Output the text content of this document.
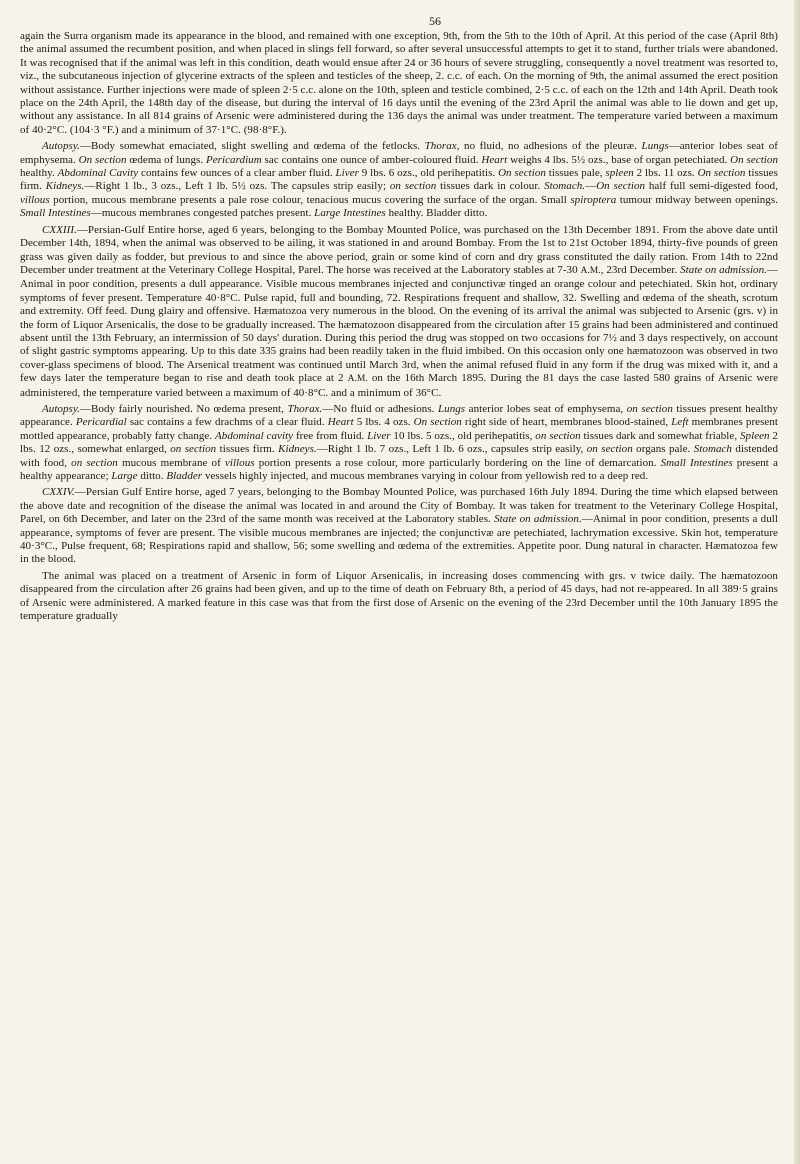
56

again the Surra organism made its appearance in the blood, and remained with one exception, 9th, from the 5th to the 10th of April. At this period of the case (April 8th) the animal assumed the recumbent position, and when placed in slings fell forward, so after several unsuccessful attempts to get it to stand, further trials were abandoned. It was recognised that if the animal was left in this condition, death would ensue after 24 or 36 hours of severe struggling, consequently a novel treatment was resorted to, viz., the subcutaneous injection of glycerine extracts of the spleen and testicles of the sheep, 2. c.c. of each. On the morning of 9th, the animal assumed the erect position without assistance. Further injections were made of spleen 2·5 c.c. alone on the 10th, spleen and testicle combined, 2·5 c.c. of each on the 12th and 14th April. Death took place on the 24th April, the 148th day of the disease, but during the interval of 16 days until the evening of the 23rd April the animal was able to lie down and get up, without any assistance. In all 814 grains of Arsenic were administered during the 136 days the animal was under treatment. The temperature varied between a maximum of 40·2°C. (104·3 °F.) and a minimum of 37·1°C. (98·8°F.).

Autopsy.—Body somewhat emaciated, slight swelling and œdema of the fetlocks. Thorax, no fluid, no adhesions of the pleuræ. Lungs—anterior lobes seat of emphysema. On section œdema of lungs. Pericardium sac contains one ounce of amber-coloured fluid. Heart weighs 4 lbs. 5½ ozs., base of organ petechiated. On section healthy. Abdominal Cavity contains few ounces of a clear amber fluid. Liver 9 lbs. 6 ozs., old perihepatitis. On section tissues pale, spleen 2 lbs. 11 ozs. On section tissues firm. Kidneys.—Right 1 lb., 3 ozs., Left 1 lb. 5½ ozs. The capsules strip easily; on section tissues dark in colour. Stomach.—On section half full semi-digested food, villous portion, mucous membrane presents a pale rose colour, tenacious mucus covering the surface of the organ. Small spiroptera tumour midway between openings. Small Intestines—mucous membranes congested patches present. Large Intestines healthy. Bladder ditto.

CXXIII.—Persian-Gulf Entire horse, aged 6 years, belonging to the Bombay Mounted Police, was purchased on the 13th December 1891. From the above date until December 14th, 1894, when the animal was observed to be ailing, it was stationed in and around Bombay. From the 1st to 21st October 1894, thirty-five pounds of green grass was given daily as fodder, but previous to and since the above period, grain or some kind of corn and dry grass constituted the daily ration. From 14th to 22nd December under treatment at the Veterinary College Hospital, Parel. The horse was received at the Laboratory stables at 7-30 A.M., 23rd December. State on admission.—Animal in poor condition, presents a dull appearance. Visible mucous membranes injected and conjunctivæ tinged an orange colour and petechiated. Skin hot, ordinary symptoms of fever present. Temperature 40·8°C. Pulse rapid, full and bounding, 72. Respirations frequent and shallow, 32. Swelling and œdema of the sheath, scrotum and extremity. Off feed. Dung glairy and offensive. Hæmatozoa very numerous in the blood. On the evening of its arrival the animal was subjected to Arsenic (grs. v) in the form of Liquor Arsenicalis, the dose to be gradually increased. The hæmatozoon disappeared from the circulation after 15 grains had been administered and continued absent until the 13th February, an intermission of 50 days' duration. During this period the drug was stopped on two occasions for 7½ and 3 days respectively, on account of slight gastric symptoms appearing. Up to this date 335 grains had been readily taken in the fluid imbibed. On this occasion only one hæmatozoon was observed in two cover-glass specimens of blood. The Arsenical treatment was continued until March 3rd, when the animal refused fluid in any form if the drug was mixed with it, and a few days later the temperature began to rise and death took place at 2 A.M. on the 16th March 1895. During the 81 days the case lasted 580 grains of Arsenic were administered, the temperature varied between a maximum of 40·8°C. and a minimum of 36°C.

Autopsy.—Body fairly nourished. No œdema present, Thorax.—No fluid or adhesions. Lungs anterior lobes seat of emphysema, on section tissues present healthy appearance. Pericardial sac contains a few drachms of a clear fluid. Heart 5 lbs. 4 ozs. On section right side of heart, membranes blood-stained, Left membranes present mottled appearance, probably fatty change. Abdominal cavity free from fluid. Liver 10 lbs. 5 ozs., old perihepatitis, on section tissues dark and somewhat friable, Spleen 2 lbs. 12 ozs., somewhat enlarged, on section tissues firm. Kidneys.—Right 1 lb. 7 ozs., Left 1 lb. 6 ozs., capsules strip easily, on section organs pale. Stomach distended with food, on section mucous membrane of villous portion presents a rose colour, more particularly bordering on the line of demarcation. Small Intestines present a healthy appearance; Large ditto. Bladder vessels highly injected, and mucous membranes varying in colour from yellowish red to a deep red.

CXXIV.—Persian Gulf Entire horse, aged 7 years, belonging to the Bombay Mounted Police, was purchased 16th July 1894. During the time which elapsed between the above date and recognition of the disease the animal was located in and around the City of Bombay. It was taken for treatment to the Veterinary College Hospital, Parel, on 6th December, and later on the 23rd of the same month was received at the Laboratory stables. State on admission.—Animal in poor condition, presents a dull appearance, symptoms of fever are present. The visible mucous membranes are injected; the conjunctivæ are petechiated, lachrymation excessive. Skin hot, temperature 40·3°C., Pulse frequent, 68; Respirations rapid and shallow, 56; some swelling and œdema of the extremities. Appetite poor. Dung natural in character. Hæmatozoa few in the blood.

The animal was placed on a treatment of Arsenic in form of Liquor Arsenicalis, in increasing doses commencing with grs. v twice daily. The hæmatozoon disappeared from the circulation after 26 grains had been given, and up to the time of death on February 8th, a period of 45 days, had not re-appeared. In all 389·5 grains of Arsenic were administered. A marked feature in this case was that from the first dose of Arsenic on the evening of the 23rd December until the 10th January 1895 the temperature gradually
